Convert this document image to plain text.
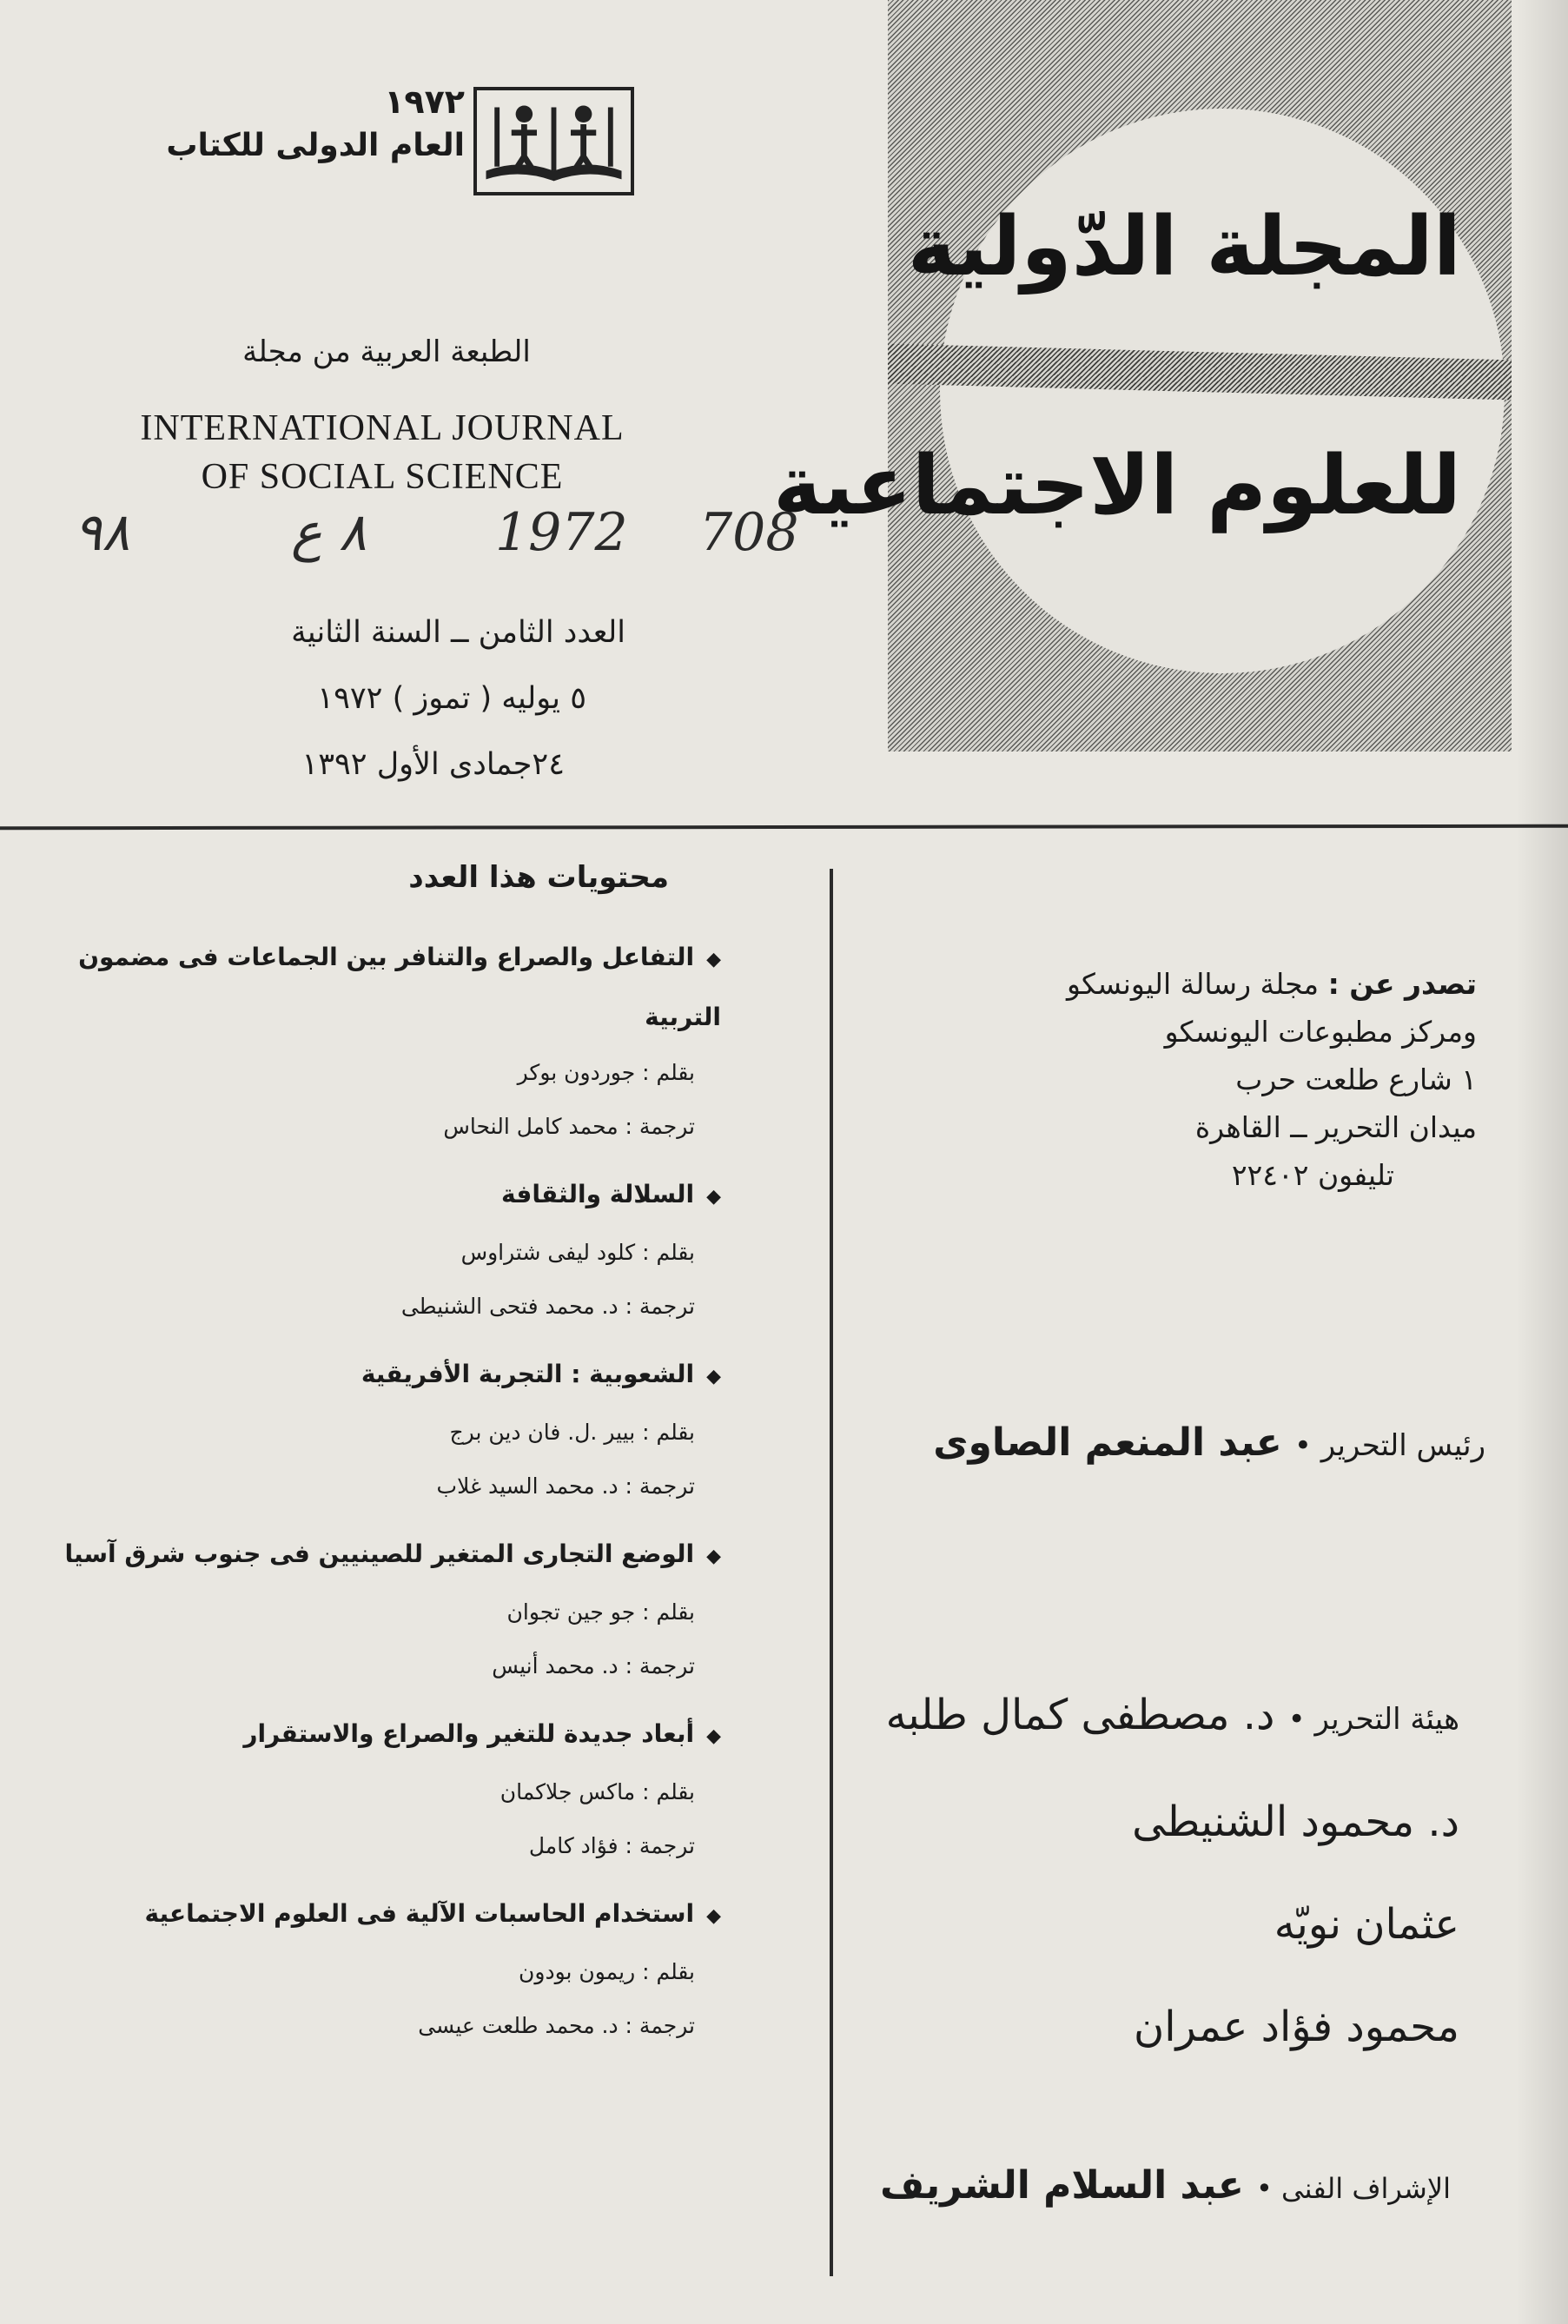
١٩٧٢
العام الدولى للكتاب
الطبعة العربية من مجلة
INTERNATIONAL JOURNAL
OF SOCIAL SCIENCE
٩٨	٨ ع 1972 708
العدد الثامن ــ السنة الثانية
٥ يوليه ( تموز ) ١٩٧٢
٢٤جمادى الأول ١٣٩٢
المجلة الدّولية
للعلوم الاجتماعية
محتويات هذا العدد
◆التفاعل والصراع والتنافر بين الجماعات فى مضمون التربية
بقلم : جوردون بوكر
ترجمة : محمد كامل النحاس
◆السلالة والثقافة
بقلم : كلود ليفى شتراوس
ترجمة : د. محمد فتحى الشنيطى
◆الشعوبية : التجربة الأفريقية
بقلم : بيير .ل. فان دين برج
ترجمة : د. محمد السيد غلاب
◆الوضع التجارى المتغير للصينيين فى جنوب شرق آسيا
بقلم : جو جين تجوان
ترجمة : د. محمد أنيس
◆أبعاد جديدة للتغير والصراع والاستقرار
بقلم : ماكس جلاكمان
ترجمة : فؤاد كامل
◆استخدام الحاسبات الآلية فى العلوم الاجتماعية
بقلم : ريمون بودون
ترجمة : د. محمد طلعت عيسى
تصدر عن : مجلة رسالة اليونسكو
ومركز مطبوعات اليونسكو
١ شارع طلعت حرب
ميدان التحرير ــ القاهرة
تليفون ٢٢٤٠٢
رئيس التحرير • عبد المنعم الصاوى
هيئة التحرير • د. مصطفى كمال طلبه
د. محمود الشنيطى
عثمان نويّه
محمود فؤاد عمران
الإشراف الفنى • عبد السلام الشريف
